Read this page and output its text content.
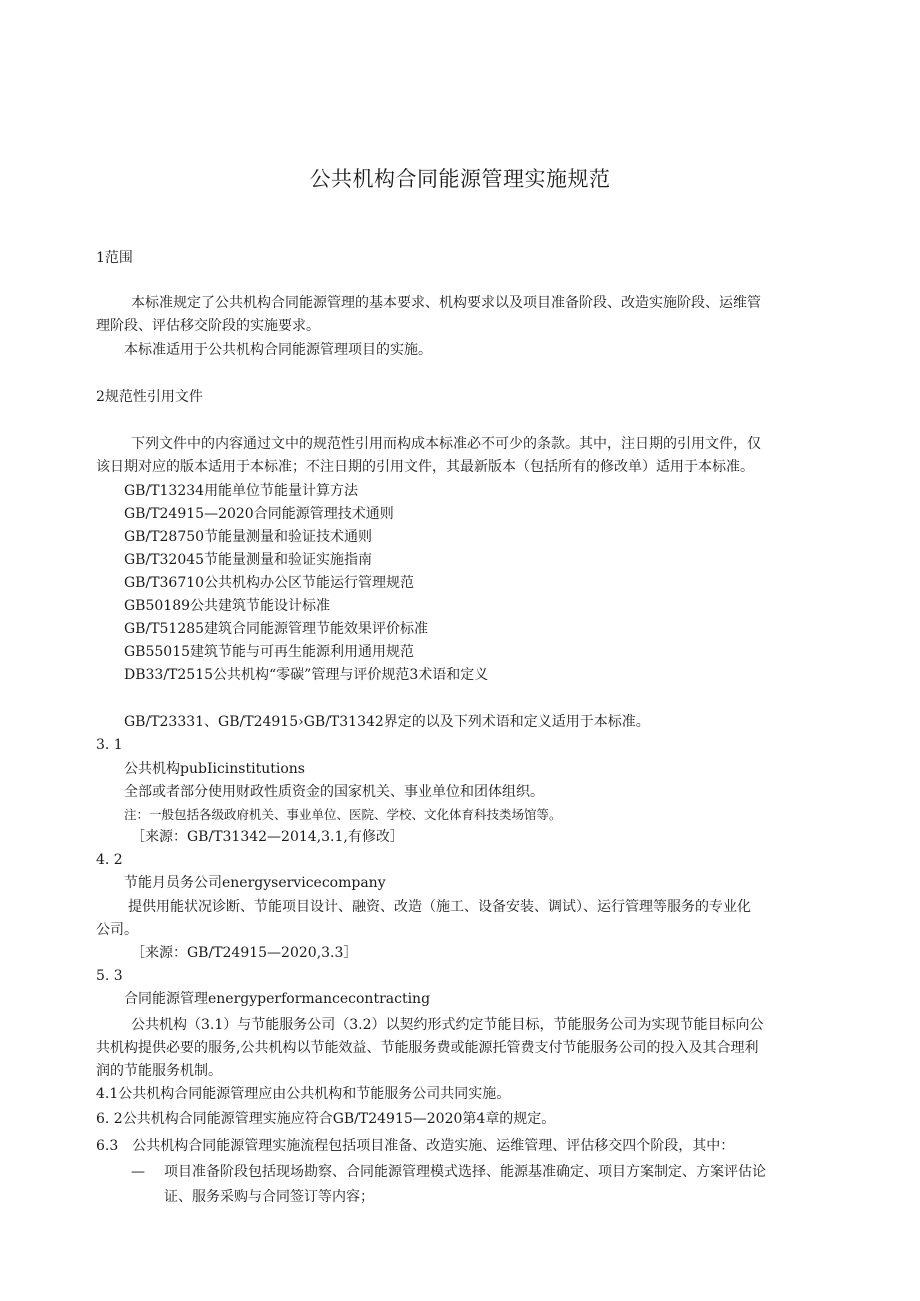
公共机构合同能源管理实施规范
1范围
本标准规定了公共机构合同能源管理的基本要求、机构要求以及项目准备阶段、改造实施阶段、运维管
理阶段、评估移交阶段的实施要求。
本标准适用于公共机构合同能源管理项目的实施。
2规范性引用文件
下列文件中的内容通过文中的规范性引用而构成本标准必不可少的条款。其中，注日期的引用文件，仅
该日期对应的版本适用于本标准；不注日期的引用文件，其最新版本（包括所有的修改单）适用于本标准。
GB/T13234用能单位节能量计算方法
GB/T24915—2020合同能源管理技术通则
GB/T28750节能量测量和验证技术通则
GB/T32045节能量测量和验证实施指南
GB/T36710公共机构办公区节能运行管理规范
GB50189公共建筑节能设计标准
GB/T51285建筑合同能源管理节能效果评价标准
GB55015建筑节能与可再生能源利用通用规范
DB33/T2515公共机构“零碳”管理与评价规范3术语和定义
GB/T23331、GB/T24915›GB/T31342界定的以及下列术语和定义适用于本标准。
3. 1
公共机构pubIicinstitutions
全部或者部分使用财政性质资金的国家机关、事业单位和团体组织。
注：一般包括各级政府机关、事业单位、医院、学校、文化体育科技类场馆等。
［来源：GB/T31342—2014,3.1,有修改］
4. 2
节能月员务公司energyservicecompany
提供用能状况诊断、节能项目设计、融资、改造（施工、设备安装、调试）、运行管理等服务的专业化
公司。
［来源：GB/T24915—2020,3.3］
5. 3
合同能源管理energyperformancecontracting
公共机构（3.1）与节能服务公司（3.2）以契约形式约定节能目标，节能服务公司为实现节能目标向公
共机构提供必要的服务,公共机构以节能效益、节能服务费或能源托管费支付节能服务公司的投入及其合理利
润的节能服务机制。
4.1公共机构合同能源管理应由公共机构和节能服务公司共同实施。
6. 2公共机构合同能源管理实施应符合GB/T24915—2020第4章的规定。
6.3　公共机构合同能源管理实施流程包括项目准备、改造实施、运维管理、评估移交四个阶段，其中：
— 项目准备阶段包括现场勘察、合同能源管理模式选择、能源基准确定、项目方案制定、方案评估论
证、服务采购与合同签订等内容；
